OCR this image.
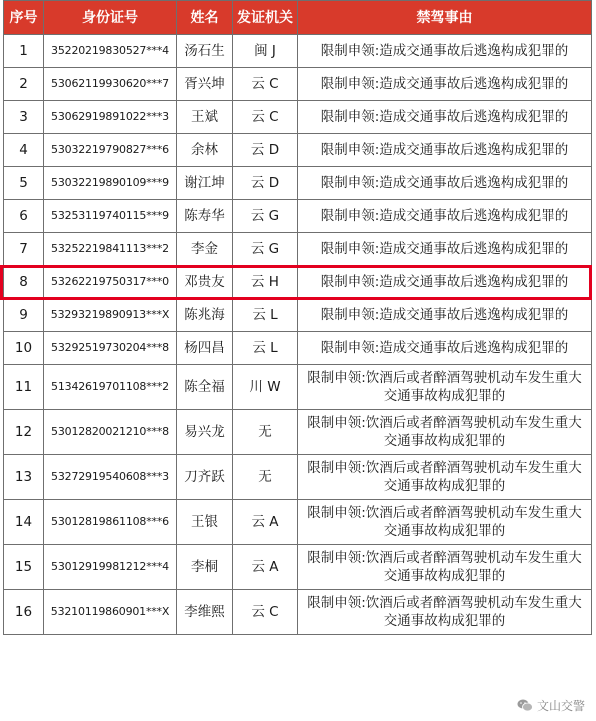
序号	身份证号	姓名	发证机关	禁驾事由
1	35220219830527***4	汤石生	闽 J	限制申领:造成交通事故后逃逸构成犯罪的
2	53062119930620***7	胥兴坤	云 C	限制申领:造成交通事故后逃逸构成犯罪的
3	53062919891022***3	王斌	云 C	限制申领:造成交通事故后逃逸构成犯罪的
4	53032219790827***6	余林	云 D	限制申领:造成交通事故后逃逸构成犯罪的
5	53032219890109***9	谢江坤	云 D	限制申领:造成交通事故后逃逸构成犯罪的
6	53253119740115***9	陈寿华	云 G	限制申领:造成交通事故后逃逸构成犯罪的
7	53252219841113***2	李金	云 G	限制申领:造成交通事故后逃逸构成犯罪的
8	53262219750317***0	邓贵友	云 H	限制申领:造成交通事故后逃逸构成犯罪的
9	53293219890913***X	陈兆海	云 L	限制申领:造成交通事故后逃逸构成犯罪的
10	53292519730204***8	杨四昌	云 L	限制申领:造成交通事故后逃逸构成犯罪的
11	51342619701108***2	陈全福	川 W	限制申领:饮酒后或者醉酒驾驶机动车发生重大交通事故构成犯罪的
12	53012820021210***8	易兴龙	无	限制申领:饮酒后或者醉酒驾驶机动车发生重大交通事故构成犯罪的
13	53272919540608***3	刀齐跃	无	限制申领:饮酒后或者醉酒驾驶机动车发生重大交通事故构成犯罪的
14	53012819861108***6	王银	云 A	限制申领:饮酒后或者醉酒驾驶机动车发生重大交通事故构成犯罪的
15	53012919981212***4	李桐	云 A	限制申领:饮酒后或者醉酒驾驶机动车发生重大交通事故构成犯罪的
16	53210119860901***X	李维熙	云 C	限制申领:饮酒后或者醉酒驾驶机动车发生重大交通事故构成犯罪的
文山交警
